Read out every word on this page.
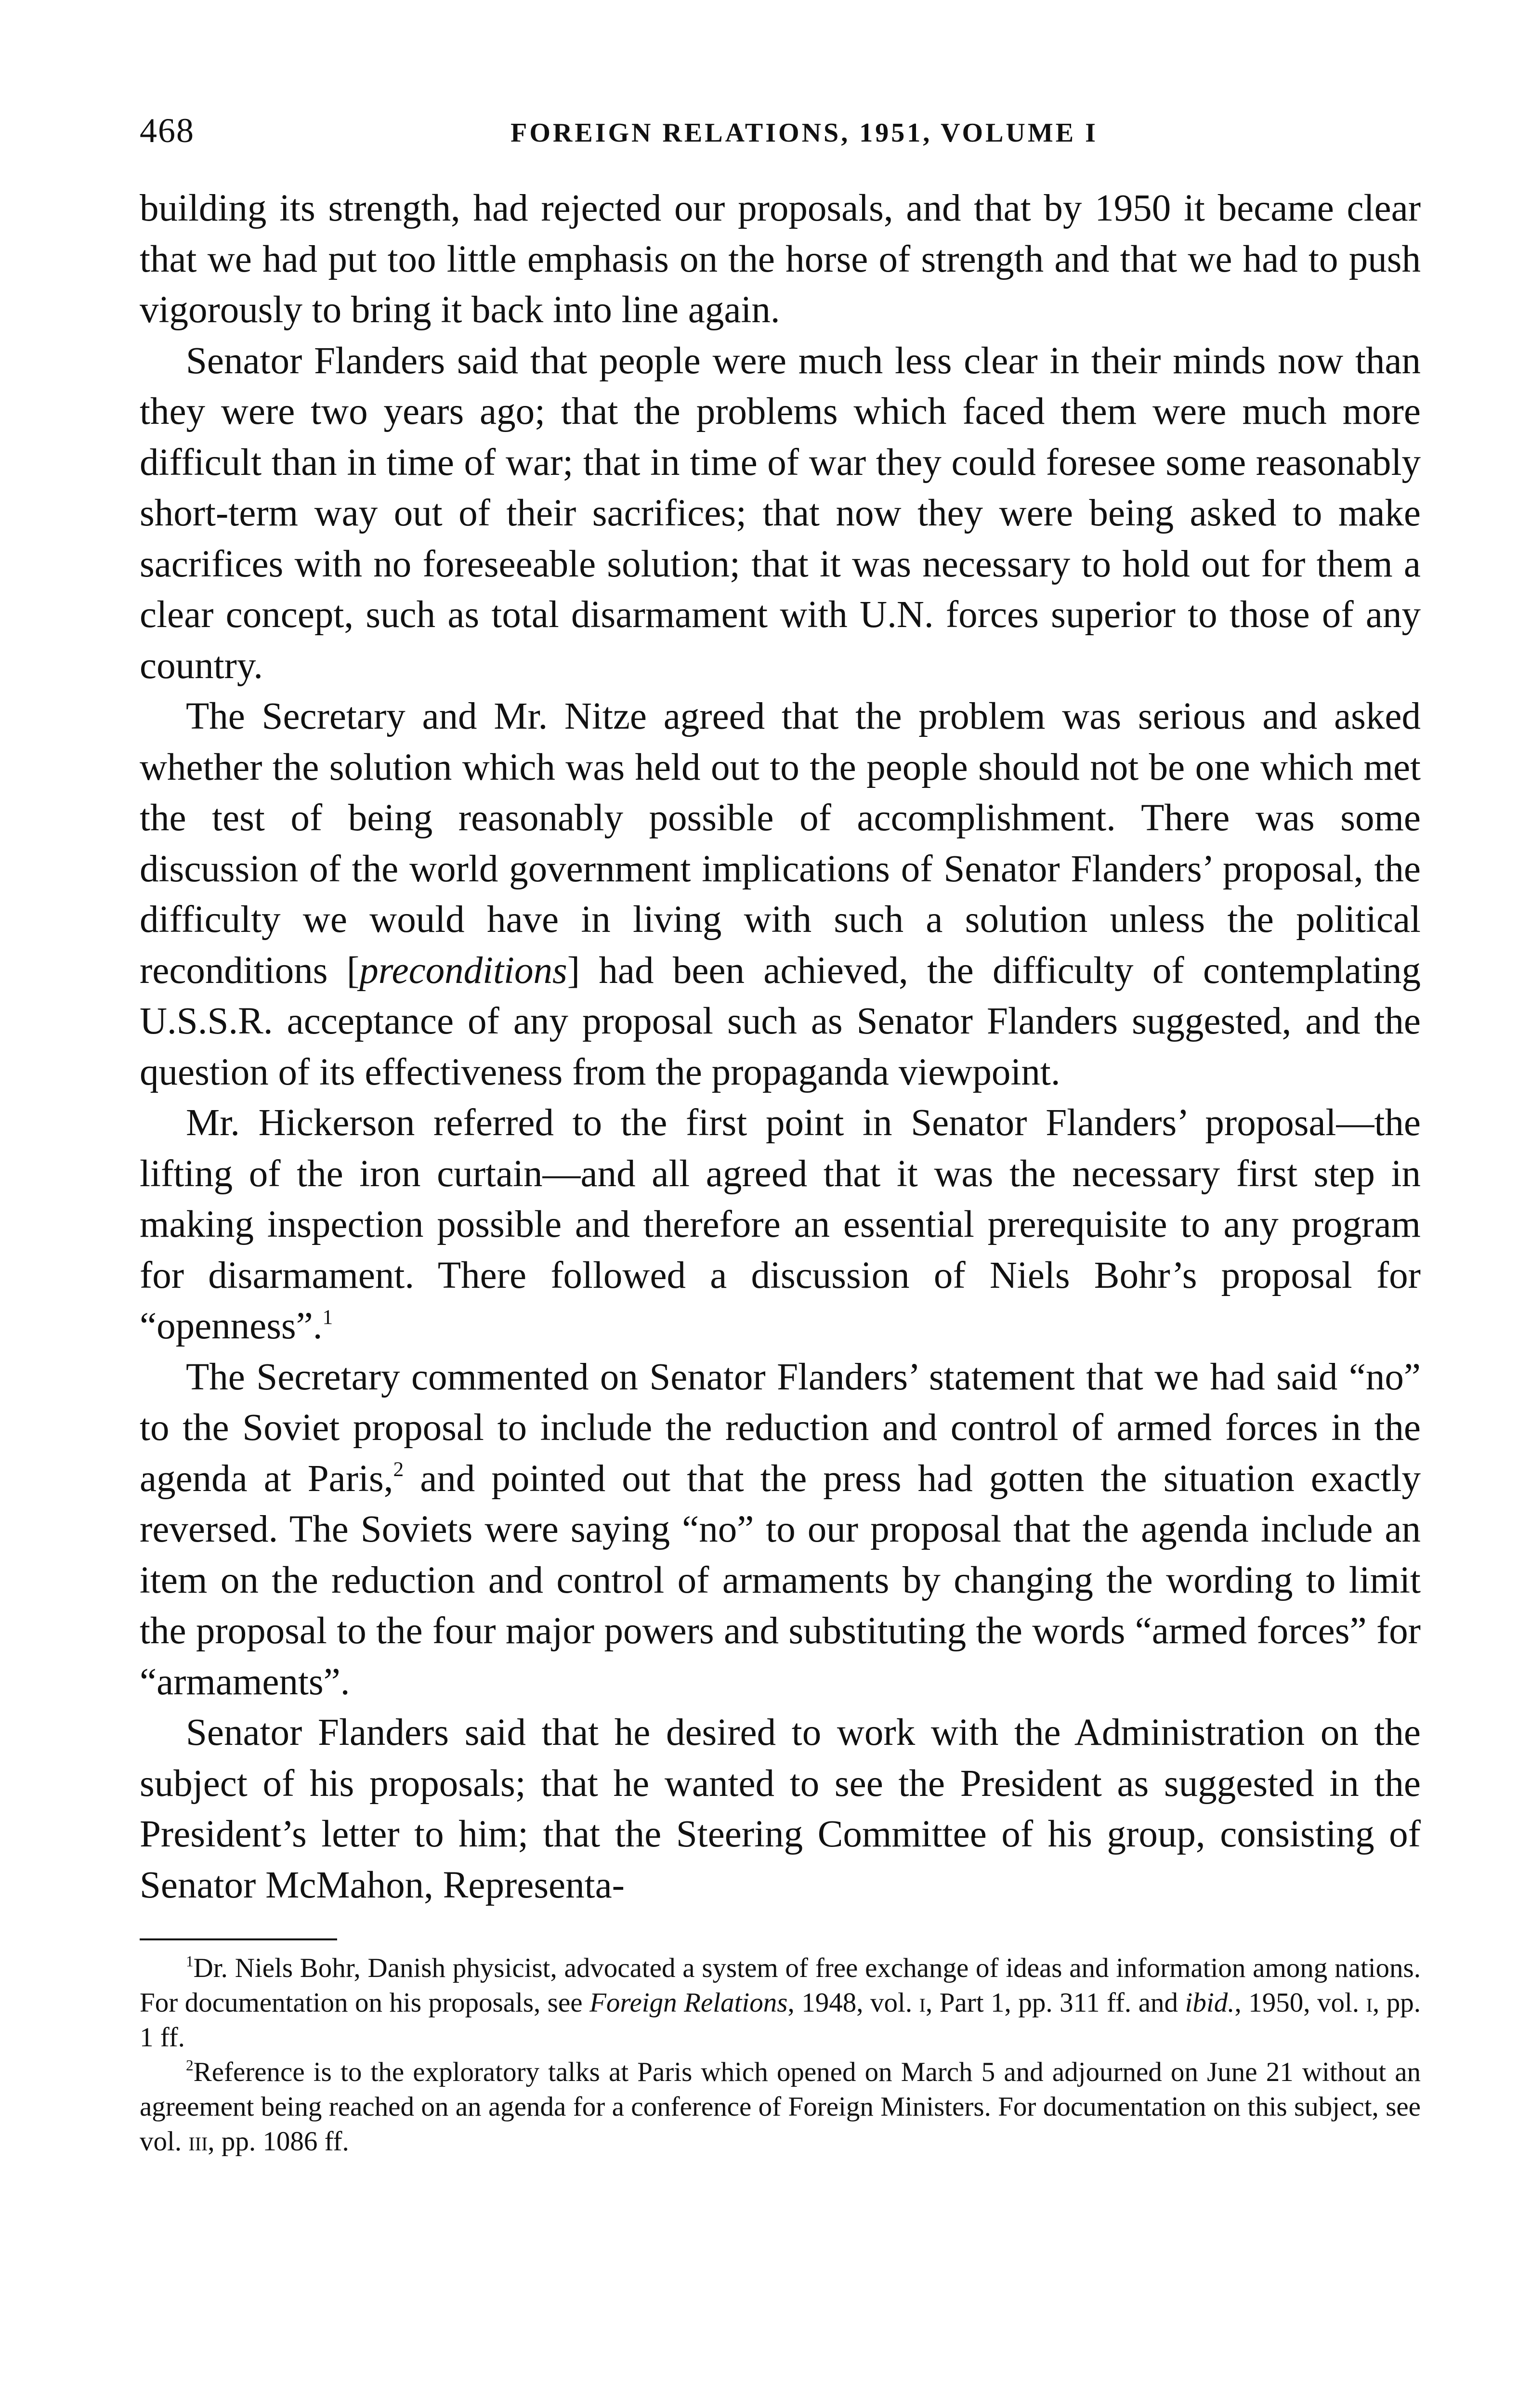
468	FOREIGN RELATIONS, 1951, VOLUME I

building its strength, had rejected our proposals, and that by 1950 it became clear that we had put too little emphasis on the horse of strength and that we had to push vigorously to bring it back into line again.

Senator Flanders said that people were much less clear in their minds now than they were two years ago; that the problems which faced them were much more difficult than in time of war; that in time of war they could foresee some reasonably short-term way out of their sacrifices; that now they were being asked to make sacrifices with no foreseeable solution; that it was necessary to hold out for them a clear concept, such as total disarmament with U.N. forces superior to those of any country.

The Secretary and Mr. Nitze agreed that the problem was serious and asked whether the solution which was held out to the people should not be one which met the test of being reasonably possible of accomplishment. There was some discussion of the world government implications of Senator Flanders’ proposal, the difficulty we would have in living with such a solution unless the political reconditions [preconditions] had been achieved, the difficulty of contemplating U.S.S.R. acceptance of any proposal such as Senator Flanders suggested, and the question of its effectiveness from the propaganda viewpoint.

Mr. Hickerson referred to the first point in Senator Flanders’ proposal—the lifting of the iron curtain—and all agreed that it was the necessary first step in making inspection possible and therefore an essential prerequisite to any program for disarmament. There followed a discussion of Niels Bohr’s proposal for “openness”.$^1$

The Secretary commented on Senator Flanders’ statement that we had said “no” to the Soviet proposal to include the reduction and control of armed forces in the agenda at Paris,$^2$ and pointed out that the press had gotten the situation exactly reversed. The Soviets were saying “no” to our proposal that the agenda include an item on the reduction and control of armaments by changing the wording to limit the proposal to the four major powers and substituting the words “armed forces” for “armaments”.

Senator Flanders said that he desired to work with the Administration on the subject of his proposals; that he wanted to see the President as suggested in the President’s letter to him; that the Steering Committee of his group, consisting of Senator McMahon, Representa-

$^1$Dr. Niels Bohr, Danish physicist, advocated a system of free exchange of ideas and information among nations. For documentation on his proposals, see Foreign Relations, 1948, vol. i, Part 1, pp. 311 ff. and ibid., 1950, vol. i, pp. 1 ff.

$^2$Reference is to the exploratory talks at Paris which opened on March 5 and adjourned on June 21 without an agreement being reached on an agenda for a conference of Foreign Ministers. For documentation on this subject, see vol. iii, pp. 1086 ff.
